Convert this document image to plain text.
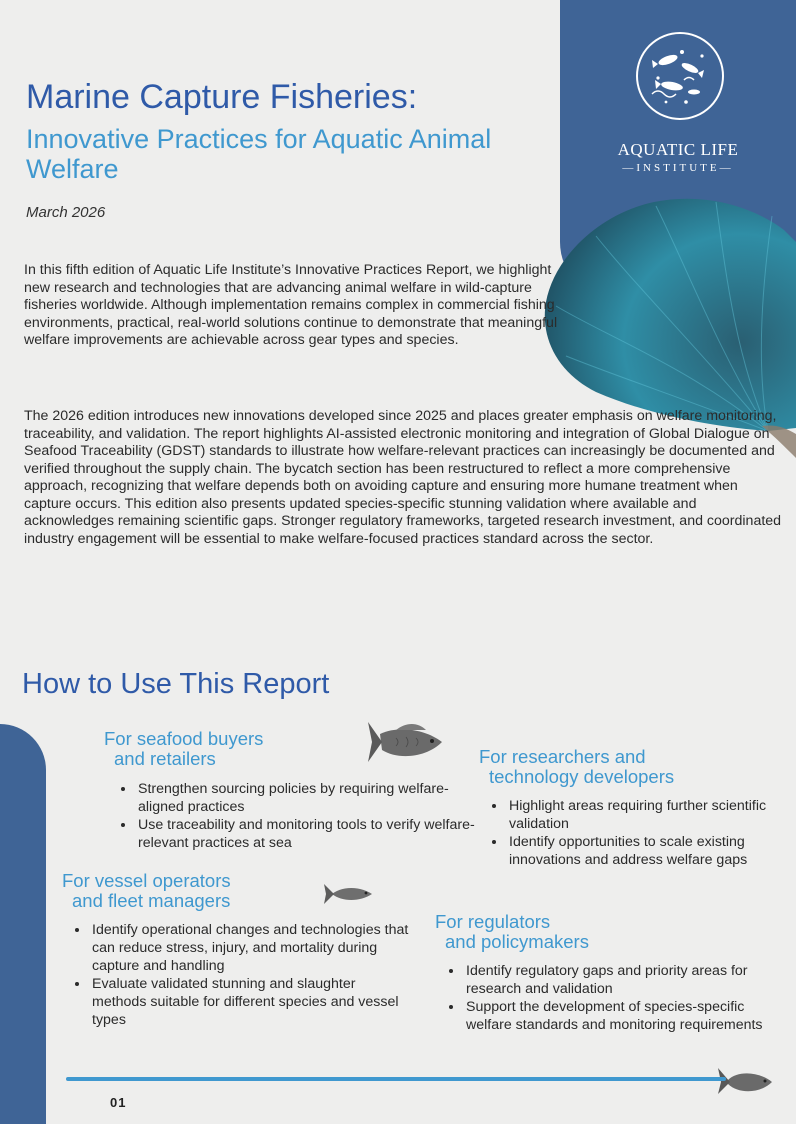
AQUATIC LIFE
—INSTITUTE—
Marine Capture Fisheries:
Innovative Practices for Aquatic Animal Welfare
March 2026

In this fifth edition of Aquatic Life Institute’s Innovative Practices Report, we highlight new research and technologies that are advancing animal welfare in wild-capture fisheries worldwide. Although implementation remains complex in commercial fishing environments, practical, real-world solutions continue to demonstrate that meaningful welfare improvements are achievable across gear types and species.

The 2026 edition introduces new innovations developed since 2025 and places greater emphasis on welfare monitoring, traceability, and validation. The report highlights AI-assisted electronic monitoring and integration of Global Dialogue on Seafood Traceability (GDST) standards to illustrate how welfare-relevant practices can increasingly be documented and verified throughout the supply chain. The bycatch section has been restructured to reflect a more comprehensive approach, recognizing that welfare depends both on avoiding capture and ensuring more humane treatment when capture occurs. This edition also presents updated species-specific stunning validation where available and acknowledges remaining scientific gaps. Stronger regulatory frameworks, targeted research investment, and coordinated industry engagement will be essential to make welfare-focused practices standard across the sector.

How to Use This Report
For seafood buyers
and retailers
• Strengthen sourcing policies by requiring welfare-aligned practices
• Use traceability and monitoring tools to verify welfare-relevant practices at sea
For vessel operators
and fleet managers
• Identify operational changes and technologies that can reduce stress, injury, and mortality during capture and handling
• Evaluate validated stunning and slaughter methods suitable for different species and vessel types
For researchers and
technology developers
• Highlight areas requiring further scientific validation
• Identify opportunities to scale existing innovations and address welfare gaps
For regulators
and policymakers
• Identify regulatory gaps and priority areas for research and validation
• Support the development of species-specific welfare standards and monitoring requirements
01
